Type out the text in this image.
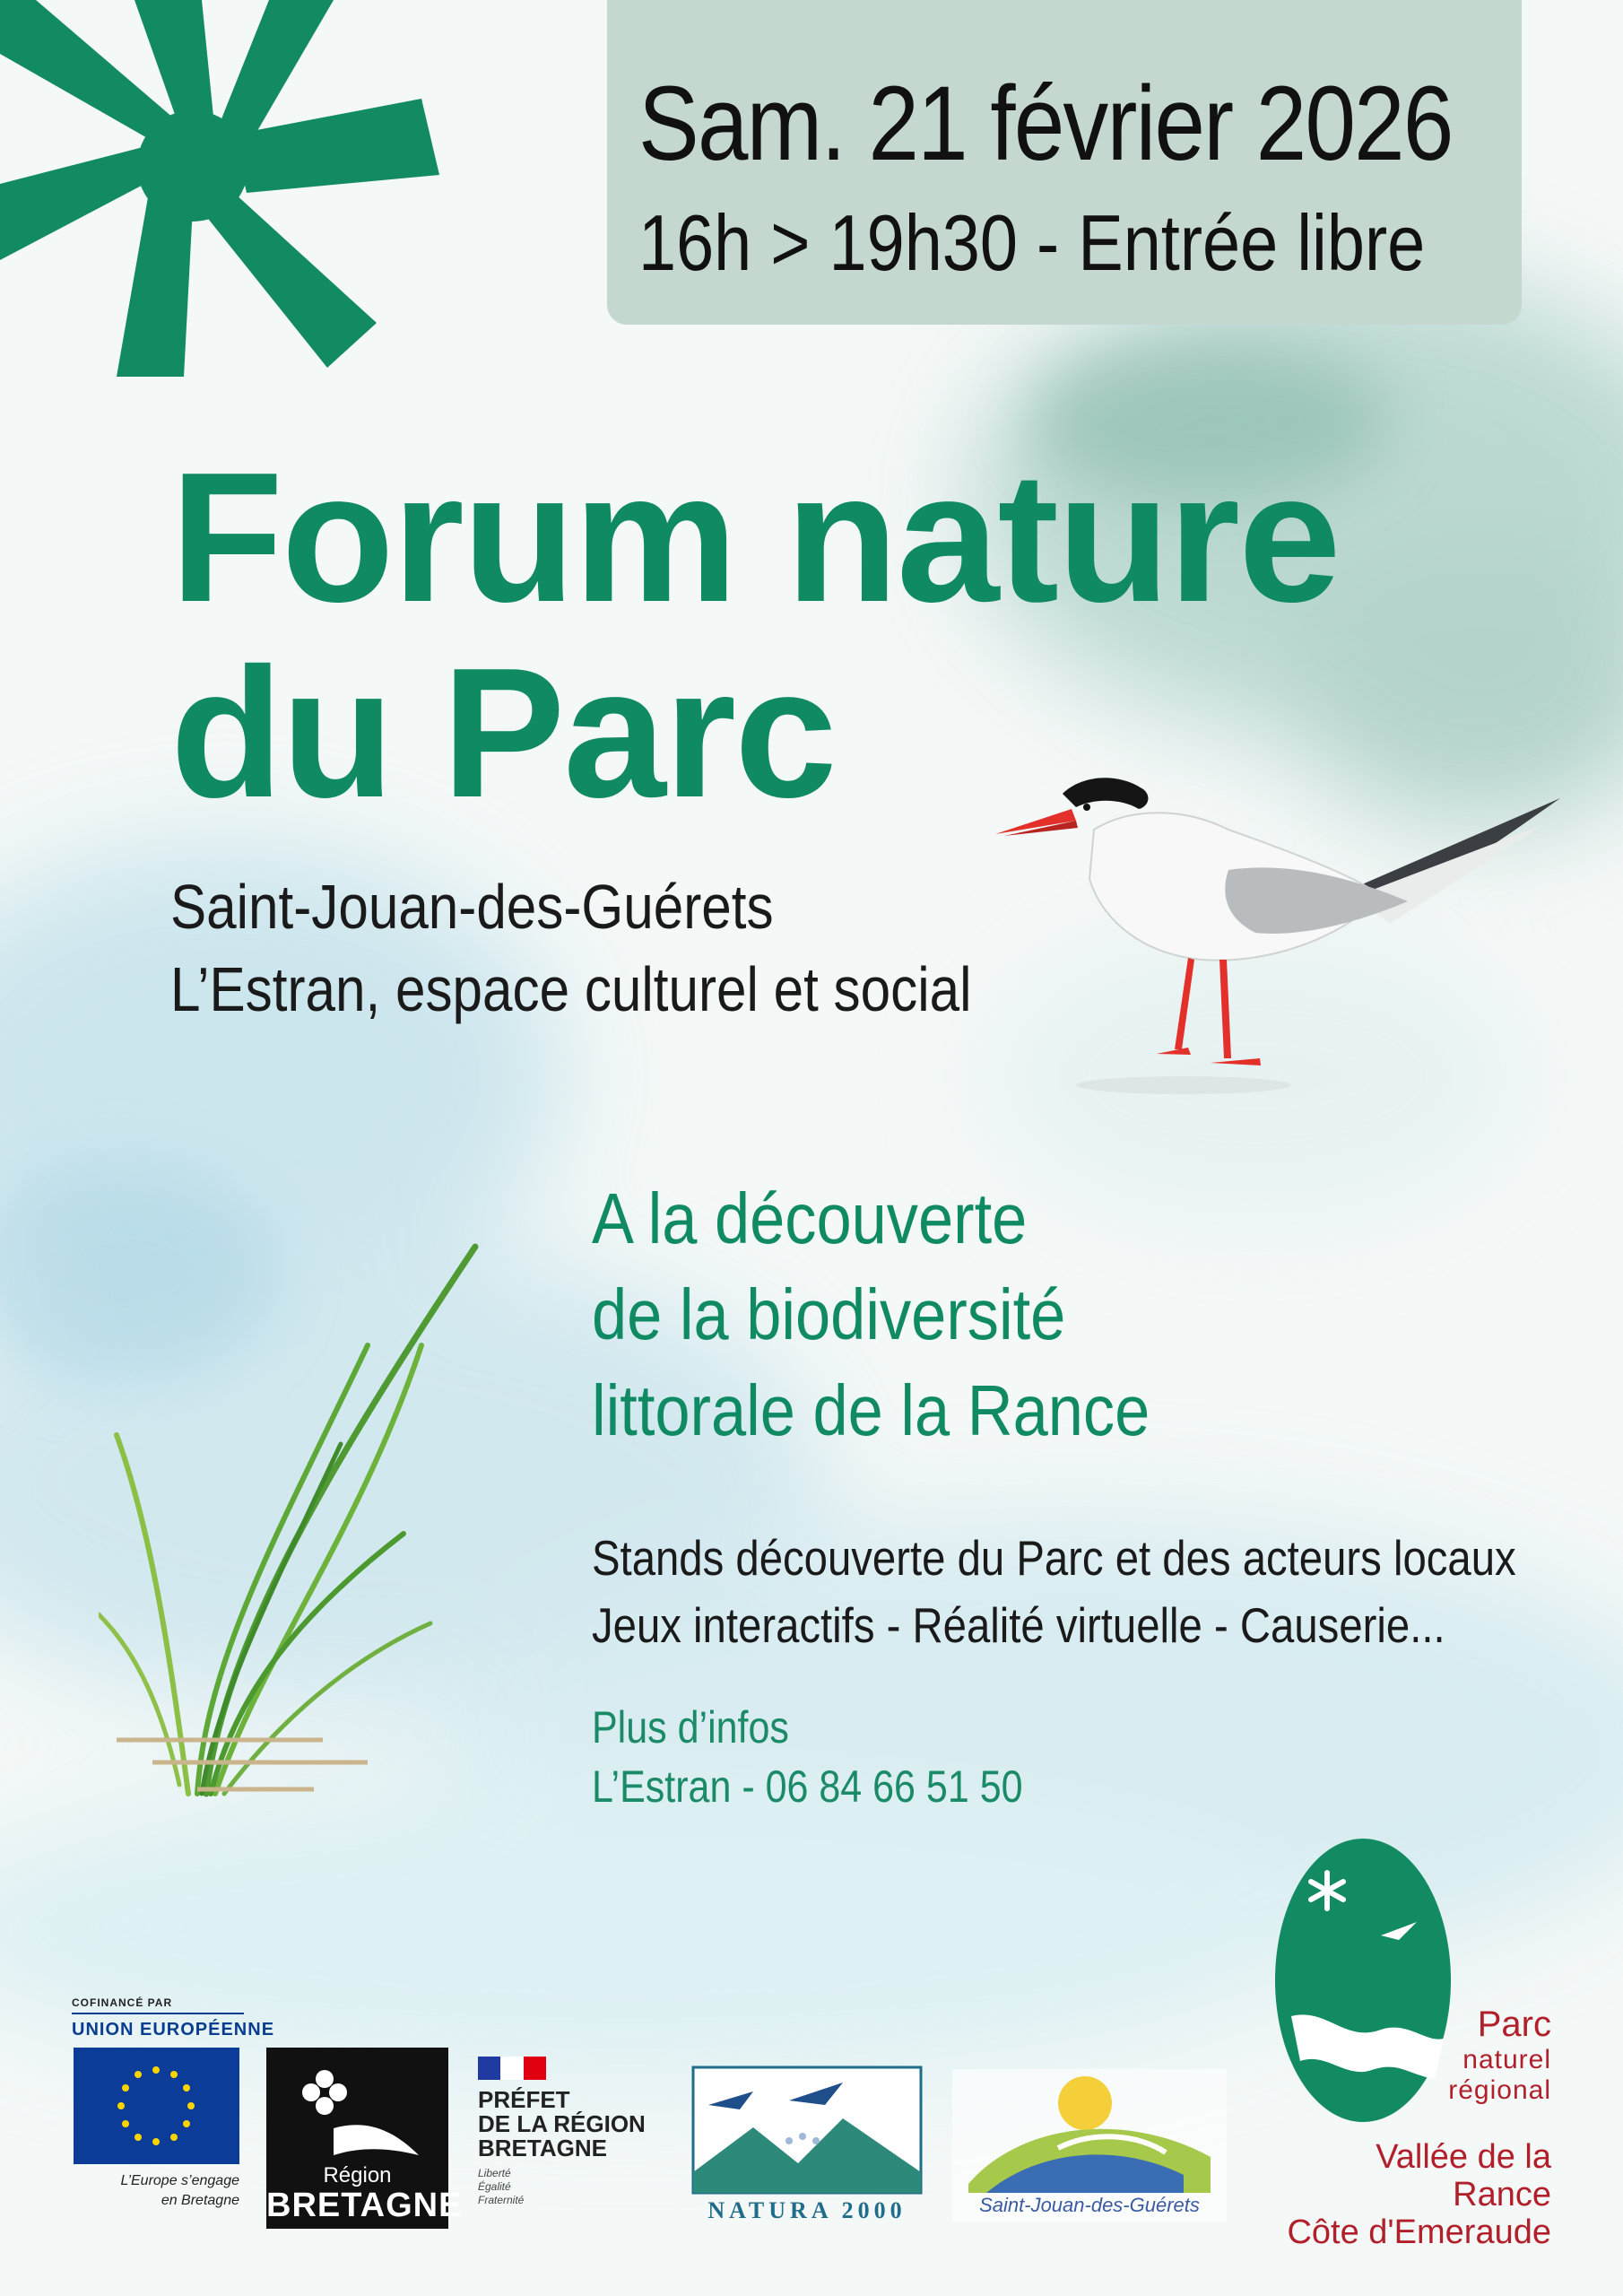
Sam. 21 février 2026
16h > 19h30 - Entrée libre
Forum nature
du Parc
Saint-Jouan-des-Guérets
L’Estran, espace culturel et social
A la découverte
de la biodiversité
littorale de la Rance
Stands découverte du Parc et des acteurs locaux
Jeux interactifs - Réalité virtuelle - Causerie...
Plus d’infos
L’Estran - 06 84 66 51 50
COFINANCÉ PAR
UNION EUROPÉENNE
L’Europe s’engage
en Bretagne
Région
BRETAGNE
PRÉFET
DE LA RÉGION
BRETAGNE
Liberté
Égalité
Fraternité	NATURA 2000	Saint-Jouan-des-Guérets
Parc
naturel
régional
Vallée de la Rance
Côte d'Emeraude
